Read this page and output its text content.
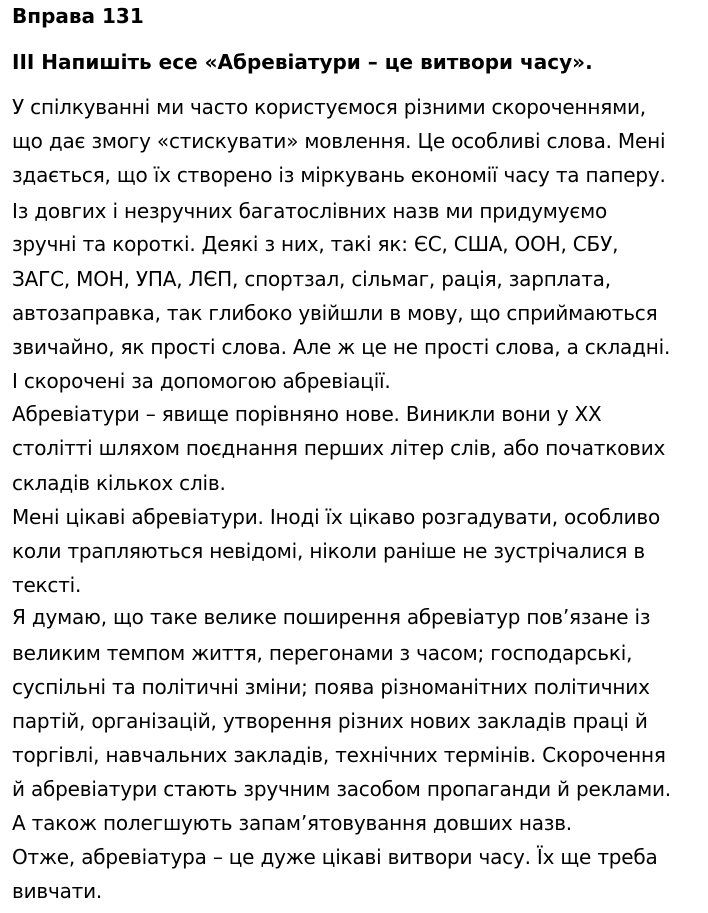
Вправа 131
ІІІ Напишіть есе «Абревіатури – це витвори часу».
У спілкуванні ми часто користуємося різними скороченнями,
що дає змогу «стискувати» мовлення. Це особливі слова. Мені
здається, що їх створено із міркувань економії часу та паперу.
Із довгих і незручних багатослівних назв ми придумуємо
зручні та короткі. Деякі з них, такі як: ЄС, США, ООН, СБУ,
ЗАГС, МОН, УПА, ЛЄП, спортзал, сільмаг, рація, зарплата,
автозаправка, так глибоко увійшли в мову, що сприймаються
звичайно, як прості слова. Але ж це не прості слова, а складні.
І скорочені за допомогою абревіації.
Абревіатури – явище порівняно нове. Виникли вони у ХХ
столітті шляхом поєднання перших літер слів, або початкових
складів кількох слів.
Мені цікаві абревіатури. Іноді їх цікаво розгадувати, особливо
коли трапляються невідомі, ніколи раніше не зустрічалися в
тексті.
Я думаю, що таке велике поширення абревіатур пов’язане із
великим темпом життя, перегонами з часом; господарські,
суспільні та політичні зміни; поява різноманітних політичних
партій, організацій, утворення різних нових закладів праці й
торгівлі, навчальних закладів, технічних термінів. Скорочення
й абревіатури стають зручним засобом пропаганди й реклами.
А також полегшують запам’ятовування довших назв.
Отже, абревіатура – це дуже цікаві витвори часу. Їх ще треба
вивчати.
